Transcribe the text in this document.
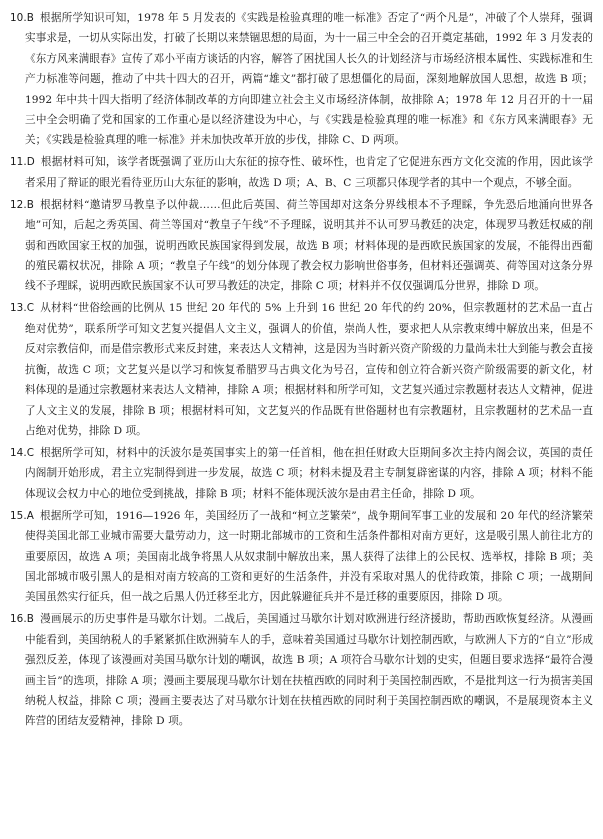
10.B 根据所学知识可知，1978 年 5 月发表的《实践是检验真理的唯一标准》否定了“两个凡是”，冲破了个人崇拜，强调实事求是，一切从实际出发，打破了长期以来禁锢思想的局面，为十一届三中全会的召开奠定基础，1992 年 3 月发表的《东方风来满眼春》宣传了邓小平南方谈话的内容，解答了困扰国人长久的计划经济与市场经济根本属性、实践标准和生产力标准等问题，推动了中共十四大的召开，两篇“雄文”都打破了思想僵化的局面，深刻地解放国人思想，故选 B 项；1992 年中共十四大指明了经济体制改革的方向即建立社会主义市场经济体制，故排除 A；1978 年 12 月召开的十一届三中全会明确了党和国家的工作重心是以经济建设为中心，与《实践是检验真理的唯一标准》和《东方风来满眼春》无关；《实践是检验真理的唯一标准》并未加快改革开放的步伐，排除 C、D 两项。
11.D 根据材料可知，该学者既强调了亚历山大东征的掠夺性、破坏性，也肯定了它促进东西方文化交流的作用，因此该学者采用了辩证的眼光看待亚历山大东征的影响，故选 D 项；A、B、C 三项都只体现学者的其中一个观点，不够全面。
12.B 根据材料“邀请罗马教皇予以仲裁……但此后英国、荷兰等国却对这条分界线根本不予理睬，争先恐后地涌向世界各地”可知，后起之秀英国、荷兰等国对“教皇子午线”不予理睬，说明其并不认可罗马教廷的决定，体现罗马教廷权威的削弱和西欧国家王权的加强，说明西欧民族国家得到发展，故选 B 项；材料体现的是西欧民族国家的发展，不能得出西葡的殖民霸权状况，排除 A 项；“教皇子午线”的划分体现了教会权力影响世俗事务，但材料还强调英、荷等国对这条分界线不予理睬，说明西欧民族国家不认可罗马教廷的决定，排除 C 项；材料并不仅仅强调瓜分世界，排除 D 项。
13.C 从材料“世俗绘画的比例从 15 世纪 20 年代的 5% 上升到 16 世纪 20 年代的约 20%，但宗教题材的艺术品一直占绝对优势”，联系所学可知文艺复兴提倡人文主义，强调人的价值，崇尚人性，要求把人从宗教束缚中解放出来，但是不反对宗教信仰，而是借宗教形式来反封建，来表达人文精神，这是因为当时新兴资产阶级的力量尚未壮大到能与教会直接抗衡，故选 C 项；文艺复兴是以学习和恢复希腊罗马古典文化为号召，宣传和创立符合新兴资产阶级需要的新文化，材料体现的是通过宗教题材来表达人文精神，排除 A 项；根据材料和所学可知，文艺复兴通过宗教题材表达人文精神，促进了人文主义的发展，排除 B 项；根据材料可知，文艺复兴的作品既有世俗题材也有宗教题材，且宗教题材的艺术品一直占绝对优势，排除 D 项。
14.C 根据所学可知，材料中的沃波尔是英国事实上的第一任首相，他在担任财政大臣期间多次主持内阁会议，英国的责任内阁制开始形成，君主立宪制得到进一步发展，故选 C 项；材料未提及君主专制复辟密谋的内容，排除 A 项；材料不能体现议会权力中心的地位受到挑战，排除 B 项；材料不能体现沃波尔是由君主任命，排除 D 项。
15.A 根据所学可知，1916—1926 年，美国经历了一战和“柯立芝繁荣”，战争期间军事工业的发展和 20 年代的经济繁荣使得美国北部工业城市需要大量劳动力，这一时期北部城市的工资和生活条件都相对南方更好，这是吸引黑人前往北方的重要原因，故选 A 项；美国南北战争将黑人从奴隶制中解放出来，黑人获得了法律上的公民权、选举权，排除 B 项；美国北部城市吸引黑人的是相对南方较高的工资和更好的生活条件，并没有采取对黑人的优待政策，排除 C 项；一战期间美国虽然实行征兵，但一战之后黑人仍迁移至北方，因此躲避征兵并不是迁移的重要原因，排除 D 项。
16.B 漫画展示的历史事件是马歇尔计划。二战后，美国通过马歇尔计划对欧洲进行经济援助，帮助西欧恢复经济。从漫画中能看到，美国纳税人的手紧紧抓住欧洲骑车人的手，意味着美国通过马歇尔计划控制西欧，与欧洲人下方的“自立”形成强烈反差，体现了该漫画对美国马歇尔计划的嘲讽，故选 B 项；A 项符合马歇尔计划的史实，但题目要求选择“最符合漫画主旨”的选项，排除 A 项；漫画主要展现马歇尔计划在扶植西欧的同时利于美国控制西欧，不是批判这一行为损害美国纳税人权益，排除 C 项；漫画主要表达了对马歇尔计划在扶植西欧的同时利于美国控制西欧的嘲讽，不是展现资本主义阵营的团结友爱精神，排除 D 项。
